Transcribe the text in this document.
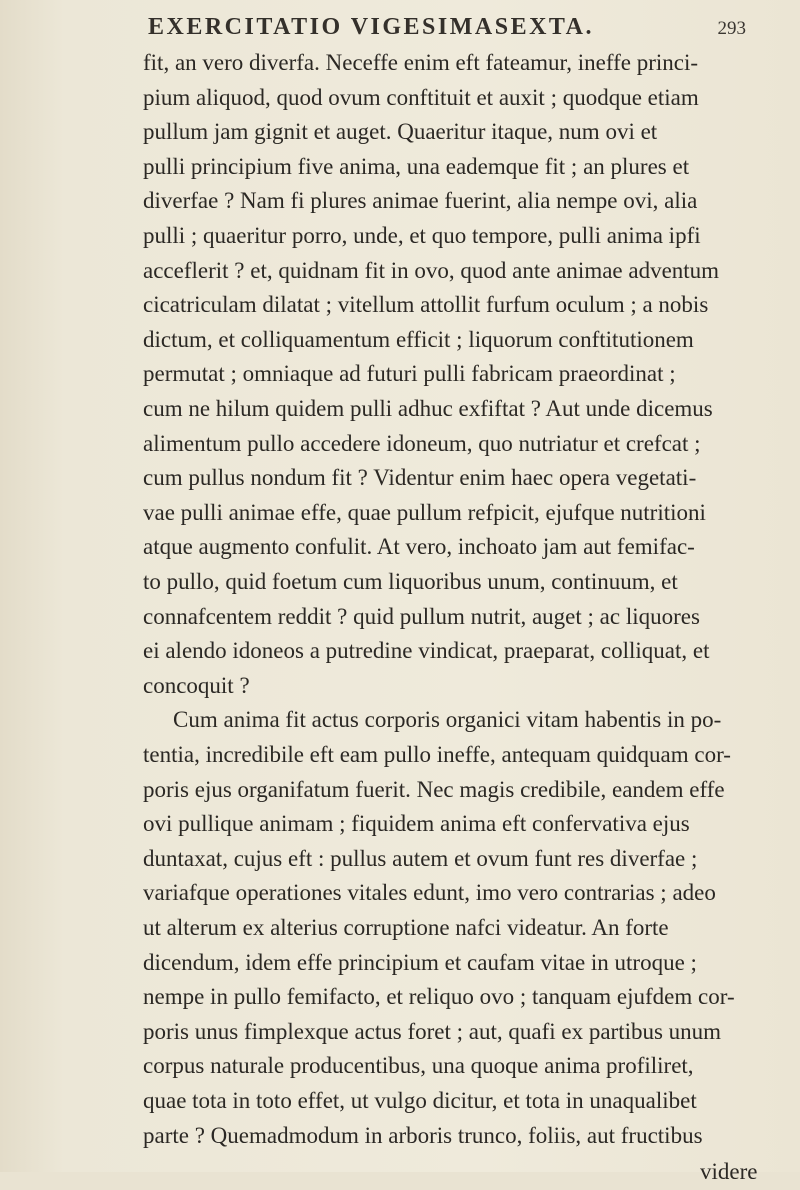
EXERCITATIO VIGESIMASEXTA.	293
fit, an vero diverfa. Neceffe enim eft fateamur, ineffe princi-
pium aliquod, quod ovum conftituit et auxit ; quodque etiam
pullum jam gignit et auget. Quaeritur itaque, num ovi et
pulli principium five anima, una eademque fit ; an plures et
diverfae ? Nam fi plures animae fuerint, alia nempe ovi, alia
pulli ; quaeritur porro, unde, et quo tempore, pulli anima ipfi
acceflerit ? et, quidnam fit in ovo, quod ante animae adventum
cicatriculam dilatat ; vitellum attollit furfum oculum ; a nobis
dictum, et colliquamentum efficit ; liquorum conftitutionem
permutat ; omniaque ad futuri pulli fabricam praeordinat ;
cum ne hilum quidem pulli adhuc exfiftat ? Aut unde dicemus
alimentum pullo accedere idoneum, quo nutriatur et crefcat ;
cum pullus nondum fit ? Videntur enim haec opera vegetati-
vae pulli animae effe, quae pullum refpicit, ejufque nutritioni
atque augmento confulit. At vero, inchoato jam aut femifac-
to pullo, quid foetum cum liquoribus unum, continuum, et
connafcentem reddit ? quid pullum nutrit, auget ; ac liquores
ei alendo idoneos a putredine vindicat, praeparat, colliquat, et
concoquit ?
Cum anima fit actus corporis organici vitam habentis in po-
tentia, incredibile eft eam pullo ineffe, antequam quidquam cor-
poris ejus organifatum fuerit. Nec magis credibile, eandem effe
ovi pullique animam ; fiquidem anima eft confervativa ejus
duntaxat, cujus eft : pullus autem et ovum funt res diverfae ;
variafque operationes vitales edunt, imo vero contrarias ; adeo
ut alterum ex alterius corruptione nafci videatur. An forte
dicendum, idem effe principium et caufam vitae in utroque ;
nempe in pullo femifacto, et reliquo ovo ; tanquam ejufdem cor-
poris unus fimplexque actus foret ; aut, quafi ex partibus unum
corpus naturale producentibus, una quoque anima profiliret,
quae tota in toto effet, ut vulgo dicitur, et tota in unaqualibet
parte ? Quemadmodum in arboris trunco, foliis, aut fructibus
videre
